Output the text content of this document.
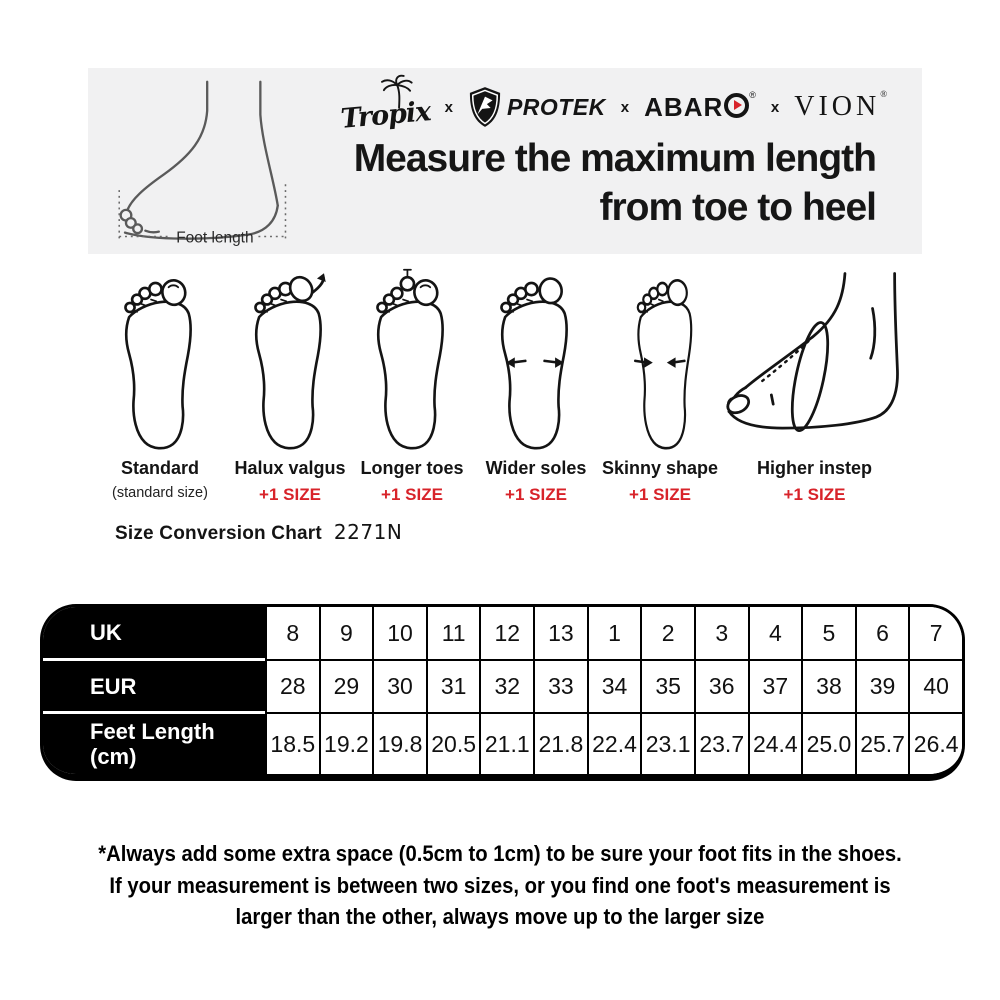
Foot length
Tropix x PROTEK x ABAR	®
x VION ®
Measure the maximum length
from toe to heel
Standard
(standard size)
Halux valgus
+1 SIZE
Longer toes
+1 SIZE
Wider soles
+1 SIZE
Skinny shape
+1 SIZE
Higher instep
+1 SIZE
Size Conversion Chart 2271N
UK	8	9	10	11	12	13	1	2	3	4	5	6	7
EUR	28	29	30	31	32	33	34	35	36	37	38	39	40
Feet Length
(cm)	18.5 19.2 19.8 20.5 21.1 21.8 22.4 23.1 23.7 24.4 25.0 25.7 26.4
*Always add some extra space (0.5cm to 1cm) to be sure your foot fits in the shoes.
If your measurement is between two sizes, or you find one foot's measurement is
larger than the other, always move up to the larger size
